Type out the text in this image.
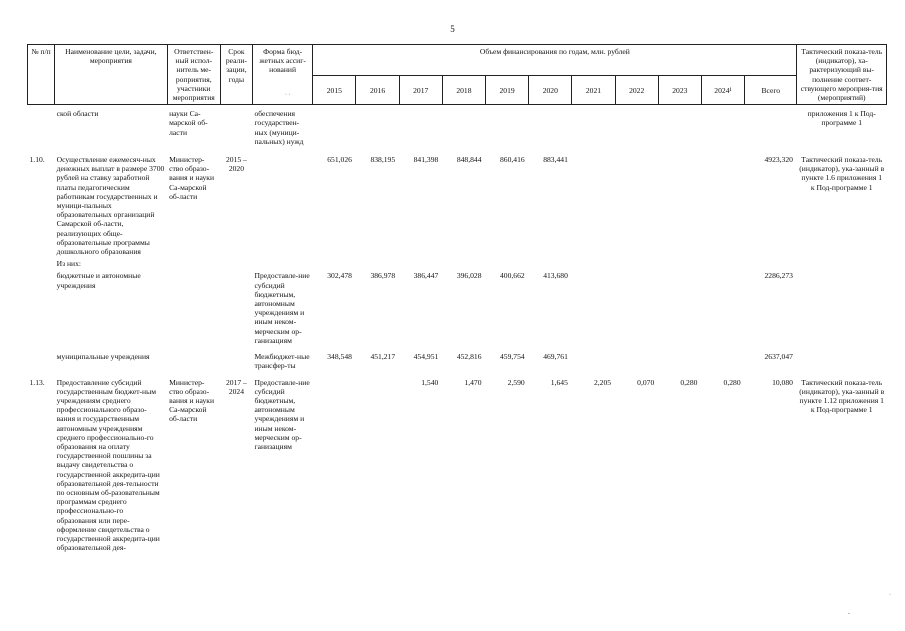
5
№ п/п	Наименование цели, задачи, мероприятия	Ответствен-ный испол-нитель ме-роприятия, участники мероприятия	Срок реали-зации, годы	Форма бюд-жетных ассиг-нований	Объем финансирования по годам, млн. рублей											Тактический показа-тель (индикатор), ха-рактеризующий вы-полнение соответ-ствующего мероприя-тия (мероприятий)
					2015	2016	2017	2018	2019	2020	2021	2022	2023	2024¹	Всего	
	ской области	науки Са-марской об-ласти		обеспечения государствен-ных (муници-пальных) нужд												приложения 1 к Под-программе 1
1.10.	Осуществление ежемесяч-ных денежных выплат в размере 3700 рублей на ставку заработной платы педагогическим работникам государственных и муници-пальных образовательных организаций Самарской об-ласти, реализующих обще-образовательные программы дошкольного образования	Министер-ство образо-вания и науки Са-марской об-ласти	2015 – 2020		651,026	838,195	841,398	848,844	860,416	883,441					4923,320	Тактический показа-тель (индикатор), ука-занный в пункте 1.6 приложения 1 к Под-программе 1
	Из них:															
	бюджетные и автономные учреждения			Предоставле-ние субсидий бюджетным, автономным учреждениям и иным неком-мерческим ор-ганизациям	302,478	386,978	386,447	396,028	400,662	413,680					2286,273	
	муниципальные учреждения			Межбюджет-ные трансфер-ты	348,548	451,217	454,951	452,816	459,754	469,761					2637,047	
1.13.	Предоставление субсидий государственным бюджет-ным учреждениям среднего профессионального образо-вания и государственным автономным учреждениям среднего профессионально-го образования на оплату государственной пошлины за выдачу свидетельства о государственной аккредита-ции образовательной дея-тельности по основным об-разовательным программам среднего профессионально-го образования или пере-оформление свидетельства о государственной аккредита-ции образовательной дея-	Министер-ство образо-вания и науки Са-марской об-ласти	2017 – 2024	Предоставле-ние субсидий бюджетным, автономным учреждениям и иным неком-мерческим ор-ганизациям			1,540	1,470	2,590	1,645	2,205	0,070	0,280	0,280	10,080	Тактический показа-тель (индикатор), ука-занный в пункте 1.12 приложения 1 к Под-программе 1
· ·
-
·
